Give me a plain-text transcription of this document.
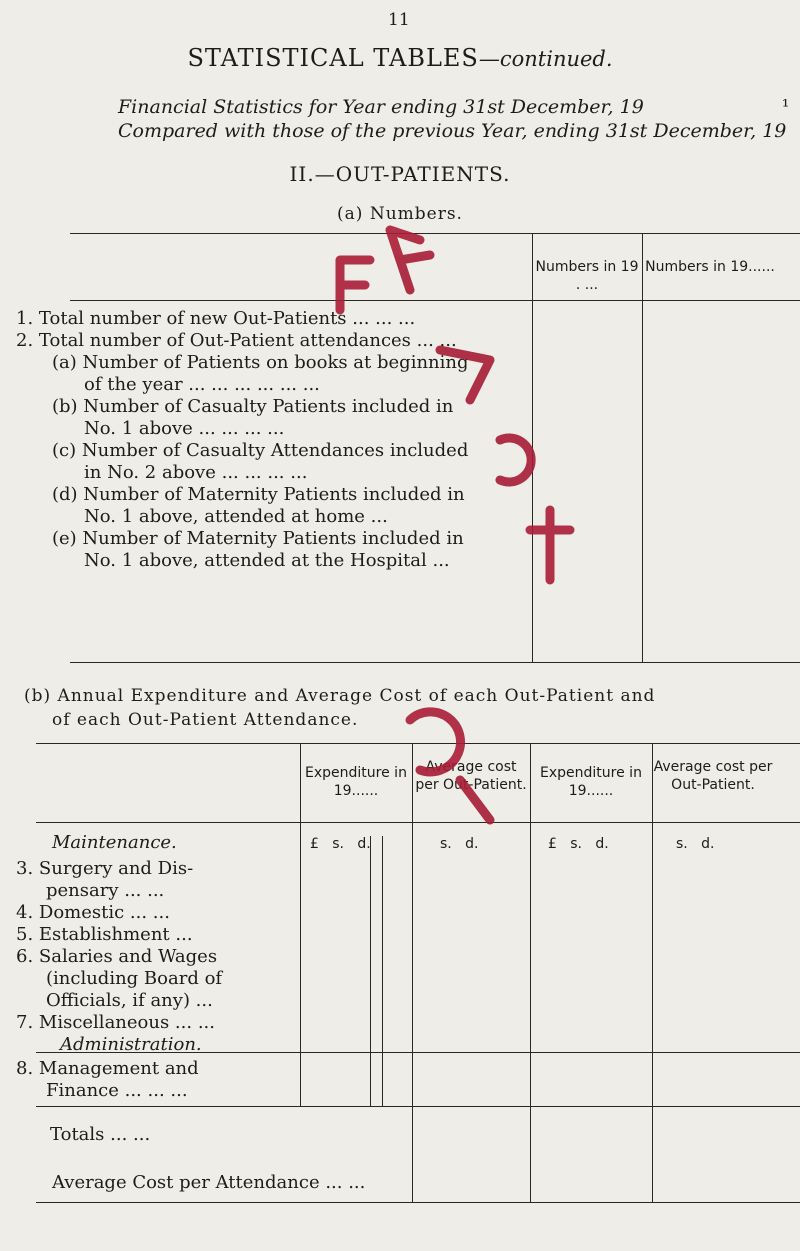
11
STATISTICAL TABLES—continued.
Financial Statistics for Year ending 31st December, 19	¹
Compared with those of the previous Year, ending 31st December, 19
II.—OUT-PATIENTS.
(a) Numbers.
Numbers in 19 . ...
Numbers in 19......
1. Total number of new Out-Patients ... ... ...
2. Total number of Out-Patient attendances ... ...
(a) Number of Patients on books at beginning
of the year ... ... ... ... ... ...
(b) Number of Casualty Patients included in
No. 1 above ... ... ... ...
(c) Number of Casualty Attendances included
in No. 2 above ... ... ... ...
(d) Number of Maternity Patients included in
No. 1 above, attended at home ...
(e) Number of Maternity Patients included in
No. 1 above, attended at the Hospital ...
(b) Annual Expenditure and Average Cost of each Out-Patient and
of each Out-Patient Attendance.
Expenditure in 19......
Average cost per Out-Patient.
Expenditure in 19......
Average cost per Out-Patient.
£   s.   d.	s.   d.	£   s.   d.	s.   d.
Maintenance.
3. Surgery and Dis-
pensary ... ...
4. Domestic ... ...
5. Establishment ...
6. Salaries and Wages
(including Board of
Officials, if any) ...
7. Miscellaneous ... ...
Administration.
8. Management and
Finance ... ... ...
Totals ... ...
Average Cost per Attendance ... ...
